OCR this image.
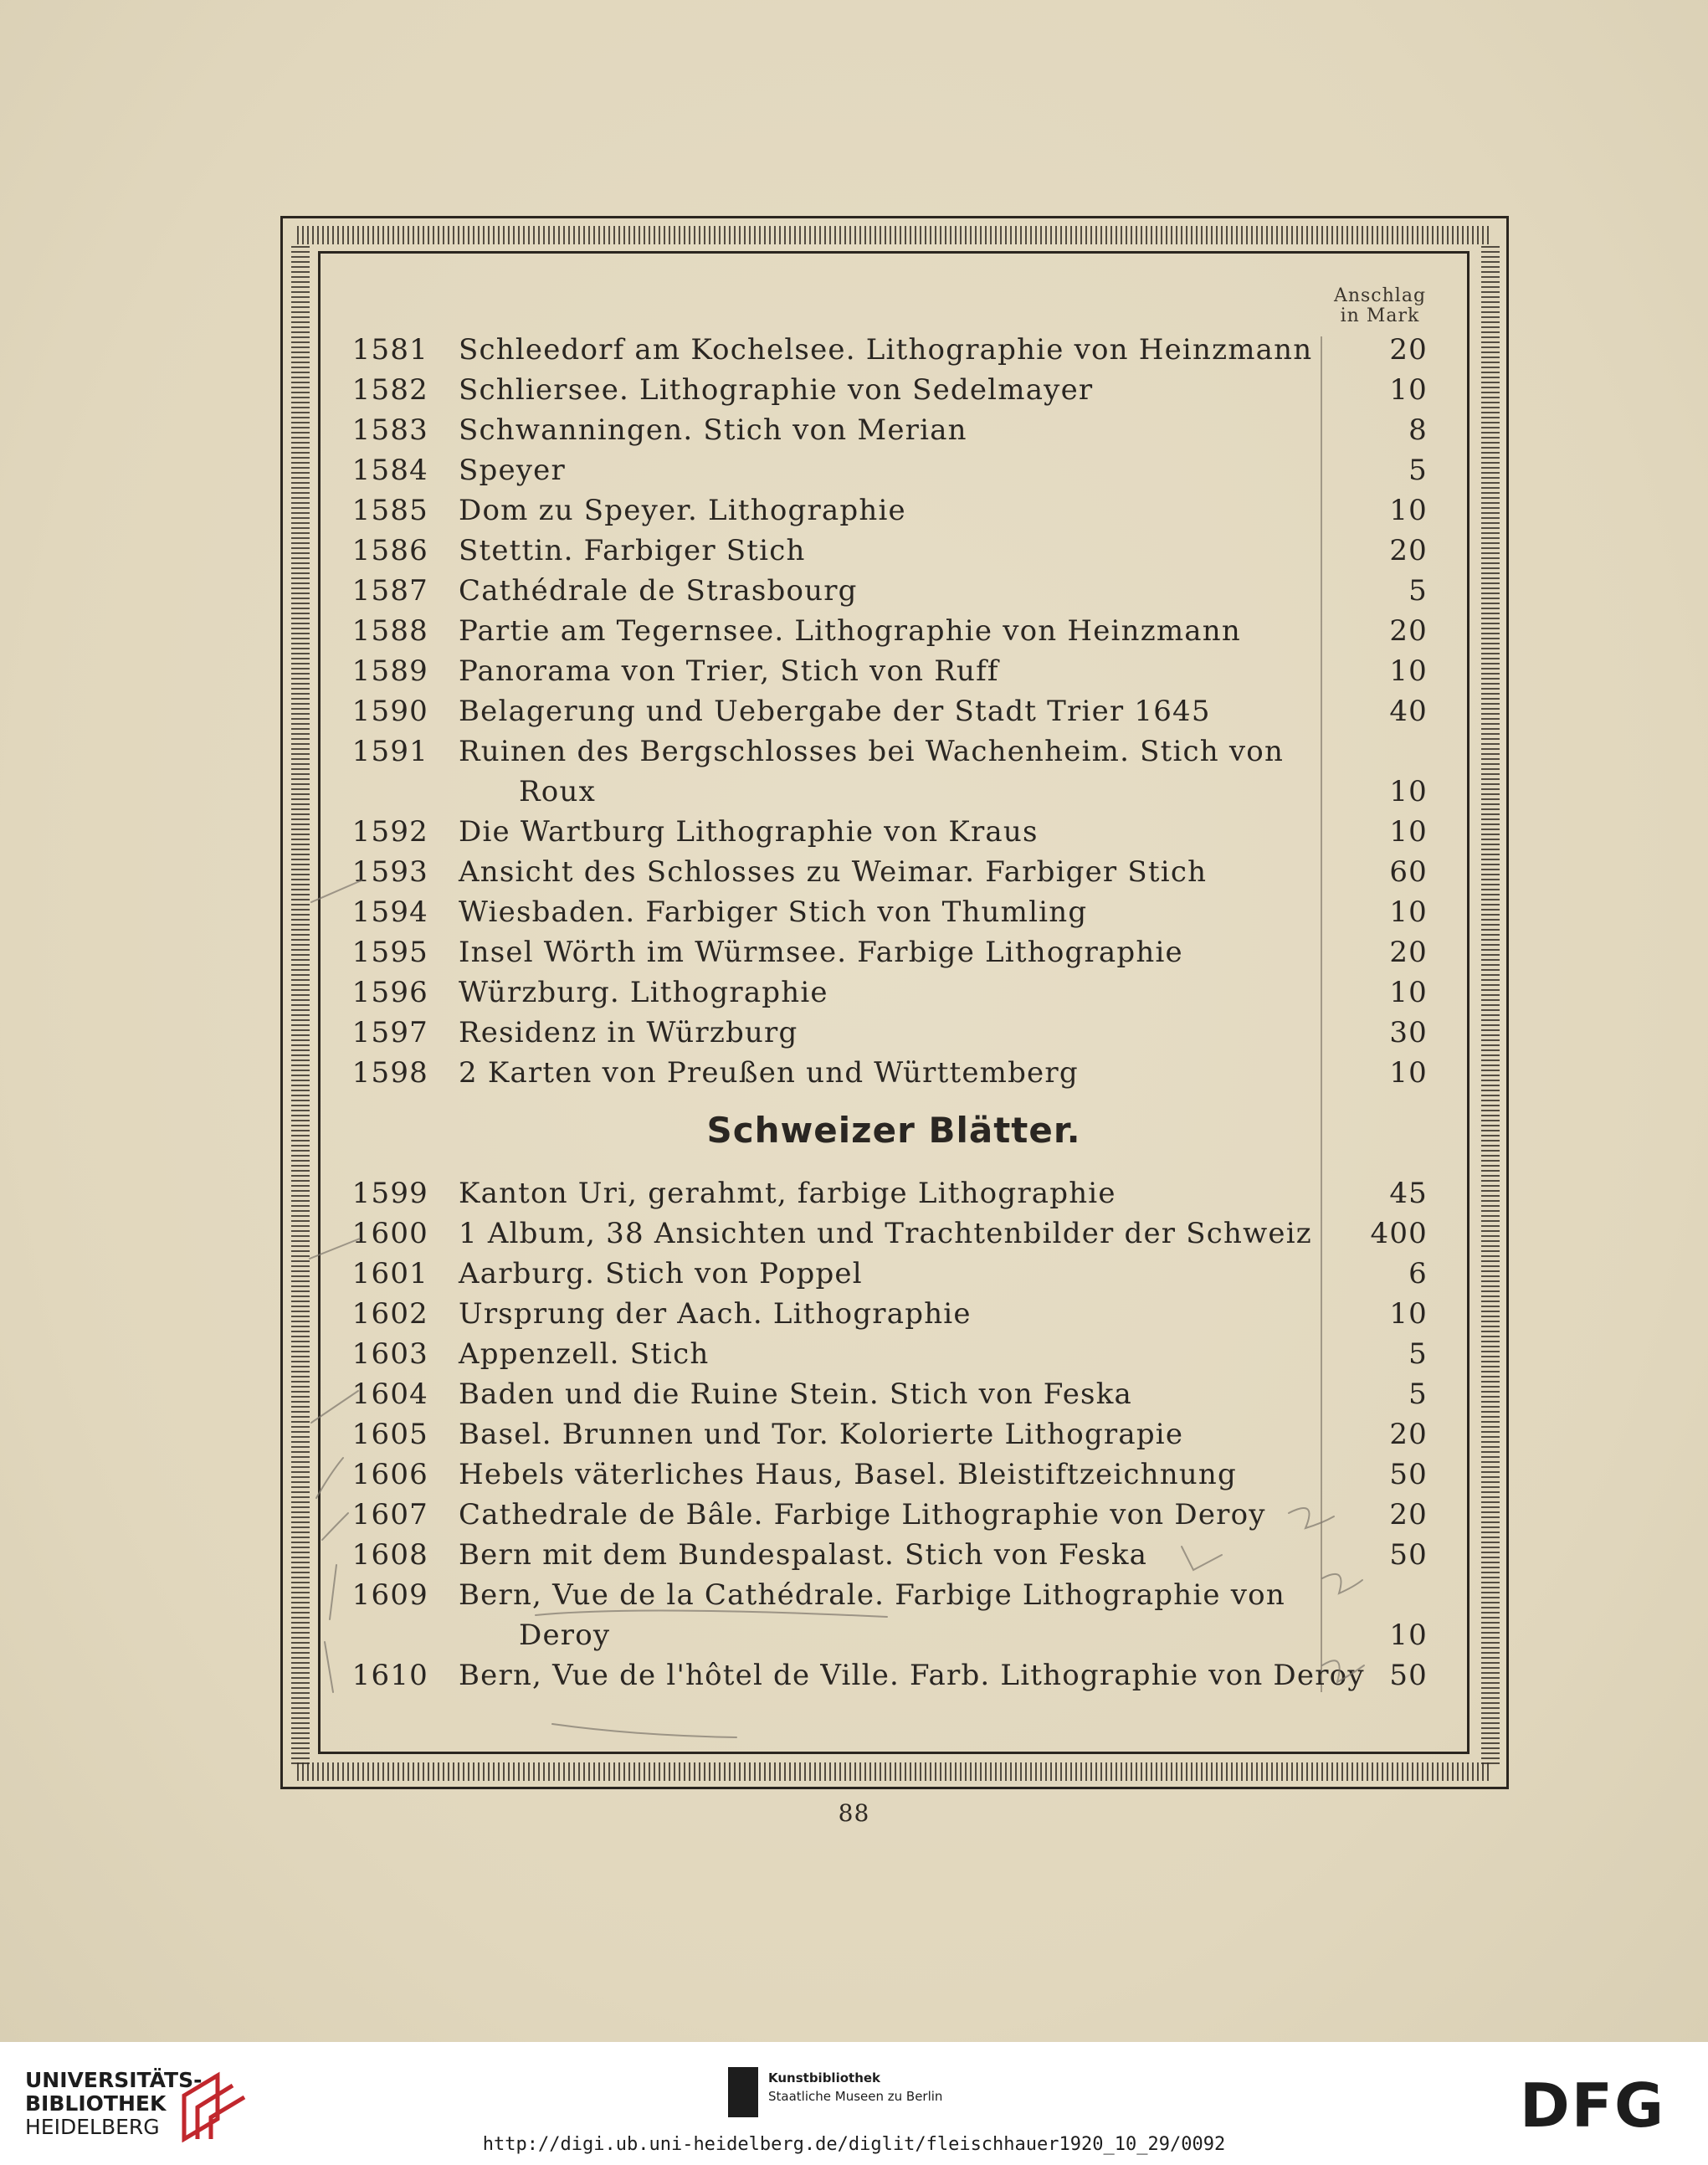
Anschlag
in Mark
1581 Schleedorf am Kochelsee. Lithographie von Heinzmann	20
1582 Schliersee. Lithographie von Sedelmayer	10
1583 Schwanningen. Stich von Merian	8
1584 Speyer	5
1585 Dom zu Speyer. Lithographie	10
1586 Stettin. Farbiger Stich	20
1587 Cathédrale de Strasbourg	5
1588 Partie am Tegernsee. Lithographie von Heinzmann	20
1589 Panorama von Trier, Stich von Ruff	10
1590 Belagerung und Uebergabe der Stadt Trier 1645	40
1591 Ruinen des Bergschlosses bei Wachenheim. Stich von
Roux	10
1592 Die Wartburg Lithographie von Kraus	10
1593 Ansicht des Schlosses zu Weimar. Farbiger Stich	60
1594 Wiesbaden. Farbiger Stich von Thumling	10
1595 Insel Wörth im Würmsee. Farbige Lithographie	20
1596 Würzburg. Lithographie	10
1597 Residenz in Würzburg	30
1598 2 Karten von Preußen und Württemberg	10
Schweizer Blätter.
1599 Kanton Uri, gerahmt, farbige Lithographie	45
1600 1 Album, 38 Ansichten und Trachtenbilder der Schweiz	400
1601 Aarburg. Stich von Poppel	6
1602 Ursprung der Aach. Lithographie	10
1603 Appenzell. Stich	5
1604 Baden und die Ruine Stein. Stich von Feska	5
1605 Basel. Brunnen und Tor. Kolorierte Lithograpie	20
1606 Hebels väterliches Haus, Basel. Bleistiftzeichnung	50
1607 Cathedrale de Bâle. Farbige Lithographie von Deroy	20
1608 Bern mit dem Bundespalast. Stich von Feska	50
1609 Bern, Vue de la Cathédrale. Farbige Lithographie von
Deroy	10
1610 Bern, Vue de l'hôtel de Ville. Farb. Lithographie von Deroy 50
88
UNIVERSITÄTS-
BIBLIOTHEK
HEIDELBERG
Kunstbibliothek
Staatliche Museen zu Berlin	DFG
http://digi.ub.uni-heidelberg.de/diglit/fleischhauer1920_10_29/0092
